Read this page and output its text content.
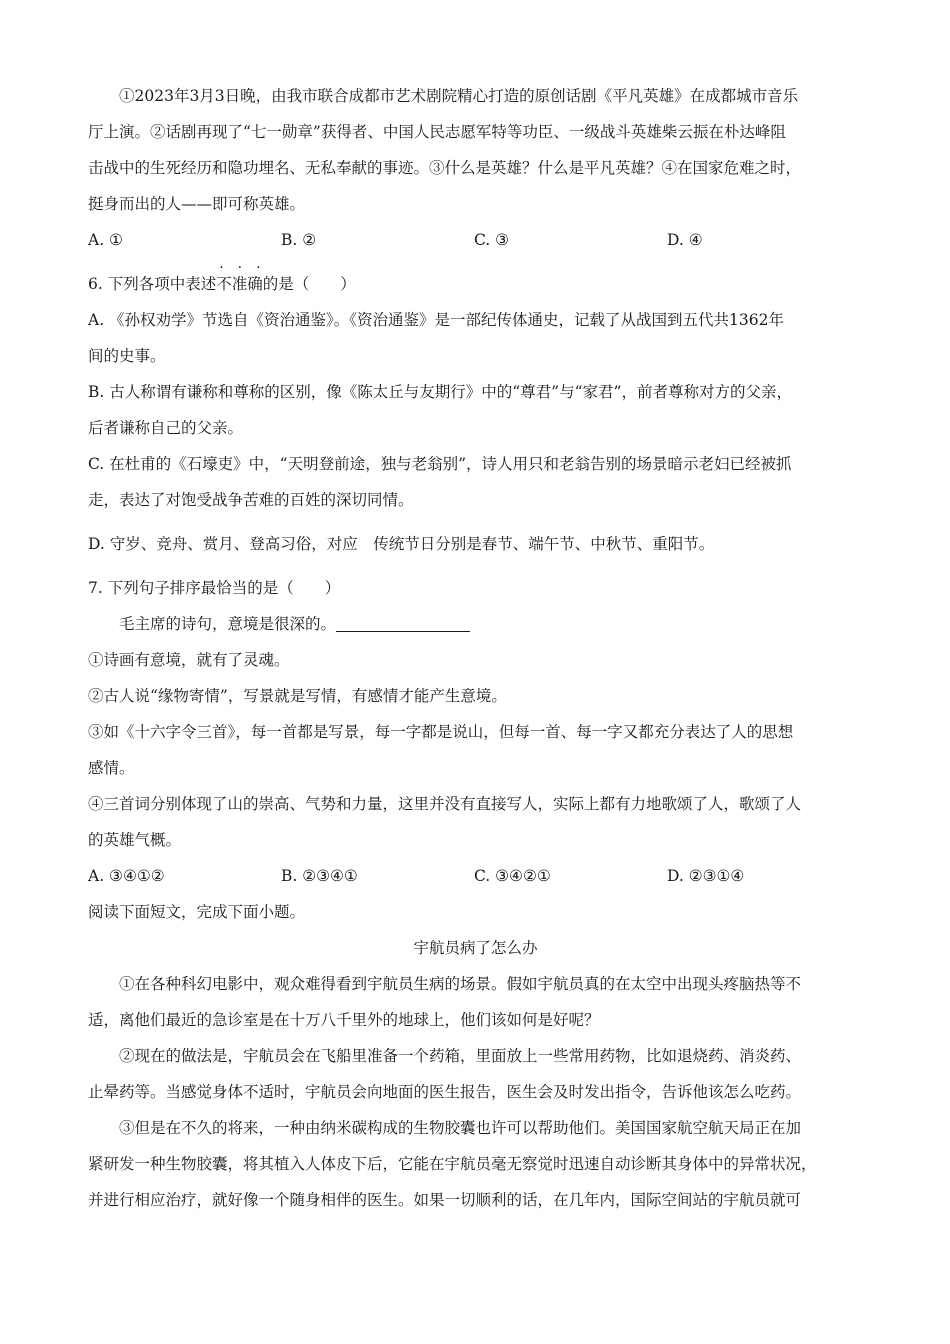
①2023年3月3日晚，由我市联合成都市艺术剧院精心打造的原创话剧《平凡英雄》在成都城市音乐
厅上演。②话剧再现了“七一勋章”获得者、中国人民志愿军特等功臣、一级战斗英雄柴云振在朴达峰阻
击战中的生死经历和隐功埋名、无私奉献的事迹。③什么是英雄？什么是平凡英雄？④在国家危难之时，
挺身而出的人——即可称英雄。
A. ①	B. ②	C. ③	D. ④
6. 下列各项中表述· · · 不准确的是（　　）
A. 《孙权劝学》节选自《资治通鉴》。《资治通鉴》是一部纪传体通史，记载了从战国到五代共1362年
间的史事。
B. 古人称谓有谦称和尊称的区别，像《陈太丘与友期行》中的“尊君”与“家君”，前者尊称对方的父亲，
后者谦称自己的父亲。
C. 在杜甫的《石壕吏》中，“天明登前途，独与老翁别”，诗人用只和老翁告别的场景暗示老妇已经被抓
走，表达了对饱受战争苦难的百姓的深切同情。
D. 守岁、竞舟、赏月、登高习俗，对应　传统节日分别是春节、端午节、中秋节、重阳节。
7. 下列句子排序最恰当的是（　　）
毛主席的诗句，意境是很深的。
①诗画有意境，就有了灵魂。
②古人说“缘物寄情”，写景就是写情，有感情才能产生意境。
③如《十六字令三首》，每一首都是写景，每一字都是说山，但每一首、每一字又都充分表达了人的思想
感情。
④三首词分别体现了山的崇高、气势和力量，这里并没有直接写人，实际上都有力地歌颂了人，歌颂了人
的英雄气概。
A. ③④①②	B. ②③④①	C. ③④②①	D. ②③①④
阅读下面短文，完成下面小题。
宇航员病了怎么办
①在各种科幻电影中，观众难得看到宇航员生病的场景。假如宇航员真的在太空中出现头疼脑热等不
适，离他们最近的急诊室是在十万八千里外的地球上，他们该如何是好呢？
②现在的做法是，宇航员会在飞船里准备一个药箱，里面放上一些常用药物，比如退烧药、消炎药、
止晕药等。当感觉身体不适时，宇航员会向地面的医生报告，医生会及时发出指令，告诉他该怎么吃药。
③但是在不久的将来，一种由纳米碳构成的生物胶囊也许可以帮助他们。美国国家航空航天局正在加
紧研发一种生物胶囊，将其植入人体皮下后，它能在宇航员毫无察觉时迅速自动诊断其身体中的异常状况，
并进行相应治疗，就好像一个随身相伴的医生。如果一切顺利的话，在几年内，国际空间站的宇航员就可
